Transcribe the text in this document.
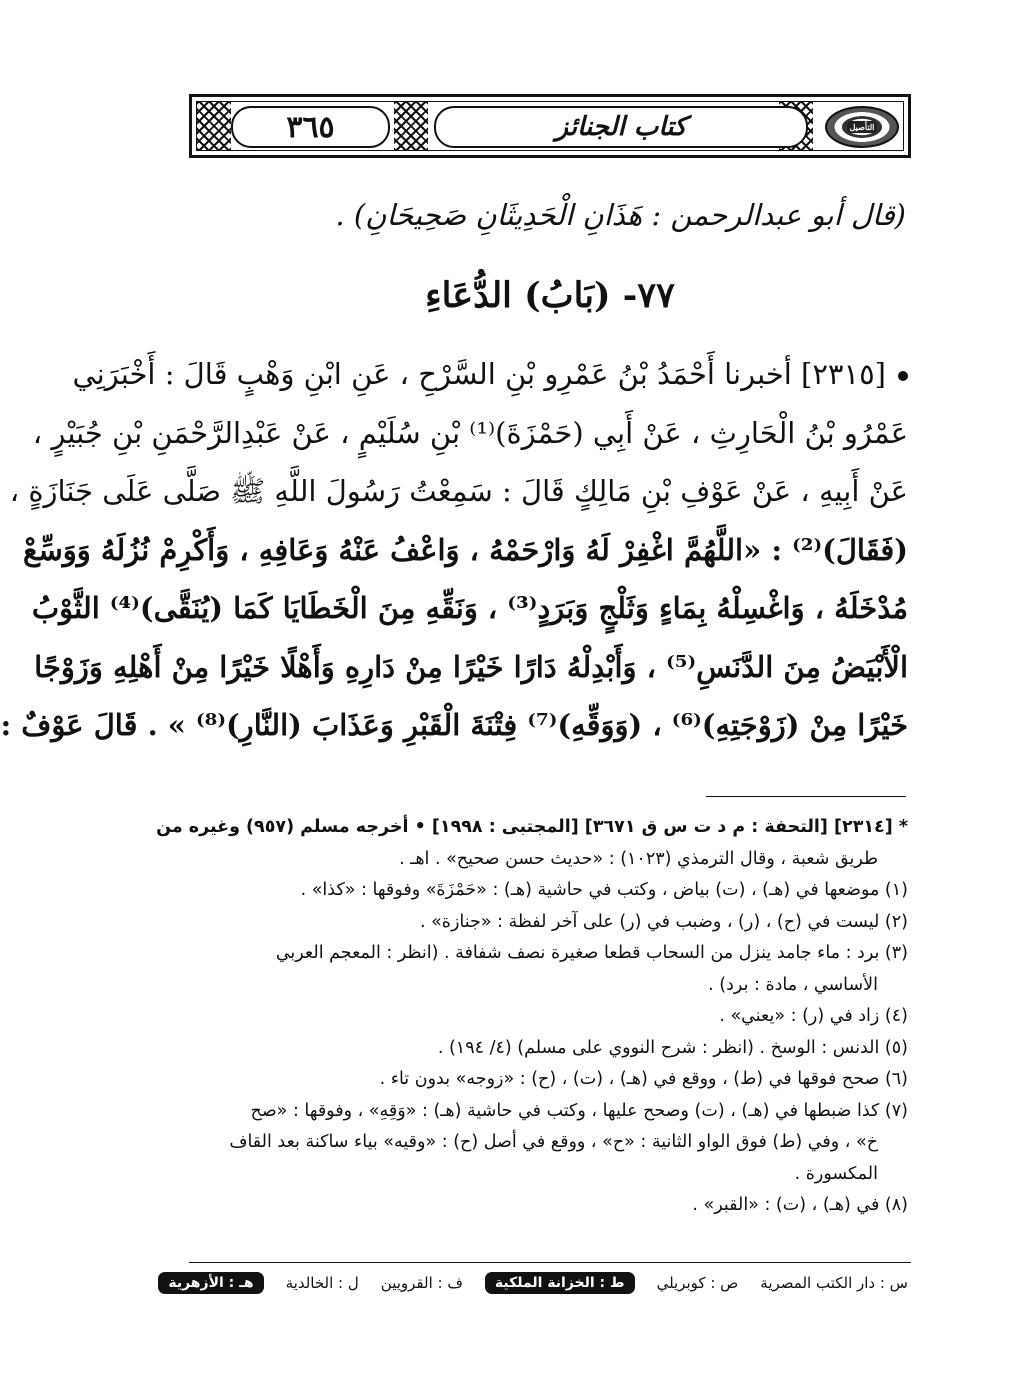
٣٦٥	كتاب الجنائز	التأصيل
(قال أبو عبدالرحمن : هَذَانِ الْحَدِيثَانِ صَحِيحَانِ) .
٧٧- (بَابُ) الدُّعَاءِ
[٢٣١٥] أخبرنا أَحْمَدُ بْنُ عَمْرِو بْنِ السَّرْحِ ، عَنِ ابْنِ وَهْبٍ قَالَ : أَخْبَرَنِي
عَمْرُو بْنُ الْحَارِثِ ، عَنْ أَبِي (حَمْزَةَ)⁽¹⁾ بْنِ سُلَيْمٍ ، عَنْ عَبْدِالرَّحْمَنِ بْنِ جُبَيْرٍ ،
عَنْ أَبِيهِ ، عَنْ عَوْفِ بْنِ مَالِكٍ قَالَ : سَمِعْتُ رَسُولَ اللَّهِ ﷺ صَلَّى عَلَى جَنَازَةٍ ،
(فَقَالَ)⁽²⁾ : «اللَّهُمَّ اغْفِرْ لَهُ وَارْحَمْهُ ، وَاعْفُ عَنْهُ وَعَافِهِ ، وَأَكْرِمْ نُزُلَهُ وَوَسِّعْ
مُدْخَلَهُ ، وَاغْسِلْهُ بِمَاءٍ وَثَلْجٍ وَبَرَدٍ⁽³⁾ ، وَنَقِّهِ مِنَ الْخَطَايَا كَمَا (يُنَقَّى)⁽⁴⁾ الثَّوْبُ
الْأَبْيَضُ مِنَ الدَّنَسِ⁽⁵⁾ ، وَأَبْدِلْهُ دَارًا خَيْرًا مِنْ دَارِهِ وَأَهْلًا خَيْرًا مِنْ أَهْلِهِ وَزَوْجًا
خَيْرًا مِنْ (زَوْجَتِهِ)⁽⁶⁾ ، (وَوَقِّهِ)⁽⁷⁾ فِتْنَةَ الْقَبْرِ وَعَذَابَ (النَّارِ)⁽⁸⁾ » . قَالَ عَوْفٌ :
* [٢٣١٤] [التحفة : م د ت س ق ٣٦٧١] [المجتبى : ١٩٩٨] • أخرجه مسلم (٩٥٧) وغيره من
طريق شعبة ، وقال الترمذي (١٠٢٣) : «حديث حسن صحيح» . اهـ .
(١) موضعها في (هـ) ، (ت) بياض ، وكتب في حاشية (هـ) : «حَمْزَةَ» وفوقها : «كذا» .
(٢) ليست في (ح) ، (ر) ، وضبب في (ر) على آخر لفظة : «جنازة» .
(٣) برد : ماء جامد ينزل من السحاب قطعا صغيرة نصف شفافة . (انظر : المعجم العربي
الأساسي ، مادة : برد) .
(٤) زاد في (ر) : «يعني» .
(٥) الدنس : الوسخ . (انظر : شرح النووي على مسلم) (٤/ ١٩٤) .
(٦) صحح فوقها في (ط) ، ووقع في (هـ) ، (ت) ، (ح) : «زوجه» بدون تاء .
(٧) كذا ضبطها في (هـ) ، (ت) وصحح عليها ، وكتب في حاشية (هـ) : «وَقِهِ» ، وفوقها : «صح
خ» ، وفي (ط) فوق الواو الثانية : «ح» ، ووقع في أصل (ح) : «وقيه» بياء ساكنة بعد القاف
المكسورة .
(٨) في (هـ) ، (ت) : «القبر» .
س : دار الكتب المصرية
ص : كوبريلي
ط : الخزانة الملكية
ف : القرويين
ل : الخالدية
هـ : الأزهرية
